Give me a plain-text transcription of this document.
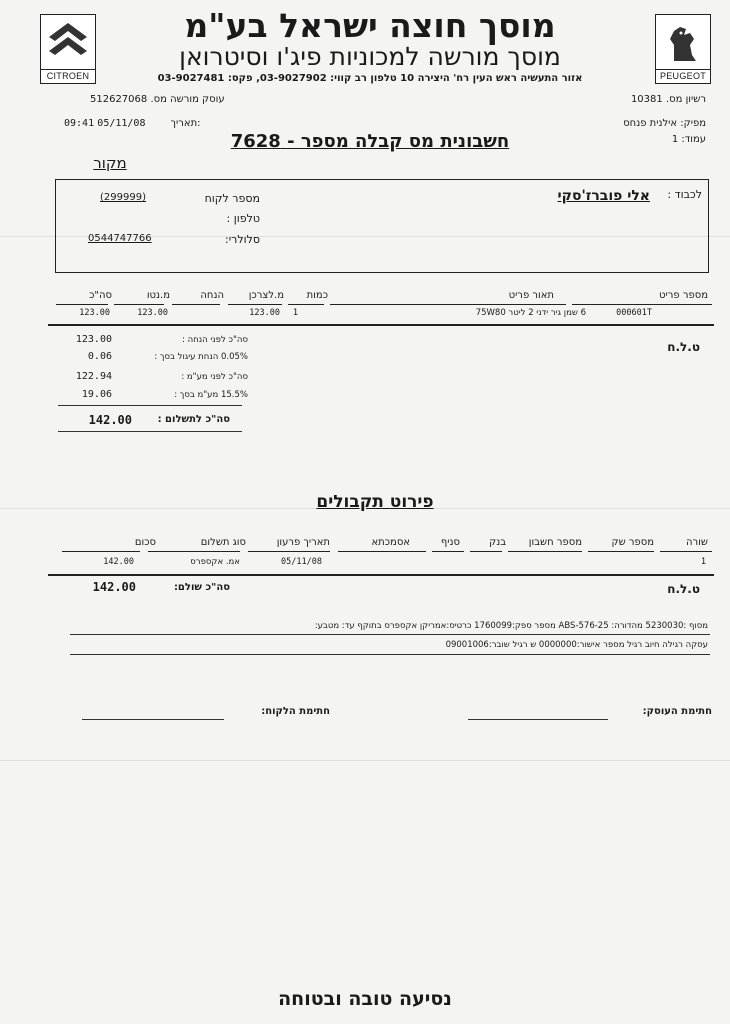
CITROEN	PEUGEOT
מוסך חוצה ישראל בע"מ
מוסך מורשה למכוניות פיג'ו וסיטרואן
אזור התעשיה ראש העין רח' היצירה 10 טלפון רב קווי: 03-9027902, פקס: 03-9027481
רשיון מס. 10381
עוסק מורשה מס. 512627068
מפיק: אילנית פנחס
עמוד: 1
09:41 05/11/08	תאריך:
חשבונית מס קבלה מספר - 7628
מקור
לכבוד :
אלי פוברז'סקי
מספר לקוח
(299999)
טלפון :
סלולרי:
0544747766
מספר פריט
תאור פריט
כמות
מ.לצרכן
הנחה
מ.נטו
סה"כ
000601T
6 שמן גיר ידני 2 ליטר 75W80
1
123.00
123.00
123.00
ט.ל.ח
סה"כ לפני הנחה :
123.00
0.05% הנחת עיגול בסך :
0.06
סה"כ לפני מע"מ :
122.94
15.5% מע"מ בסך :
19.06
סה"כ לתשלום :
142.00
פירוט תקבולים
שורה
מספר שק
מספר חשבון
בנק
סניף
אסמכתא
תאריך פרעון
סוג תשלום
סכום
1
05/11/08
אמ. אקספרס
142.00
ט.ל.ח
סה"כ שולם:
142.00
מסוף :5230030 מהדורה: ABS-576-25 מספר ספק:1760099 כרטיס:אמריקן אקספרס בתוקף עד: מטבע:
עסקה רגילה חיוב רגיל מספר אישור:0000000 ש רגיל שובר:09001006
חתימת העוסק:
חתימת הלקוח:
נסיעה טובה ובטוחה
